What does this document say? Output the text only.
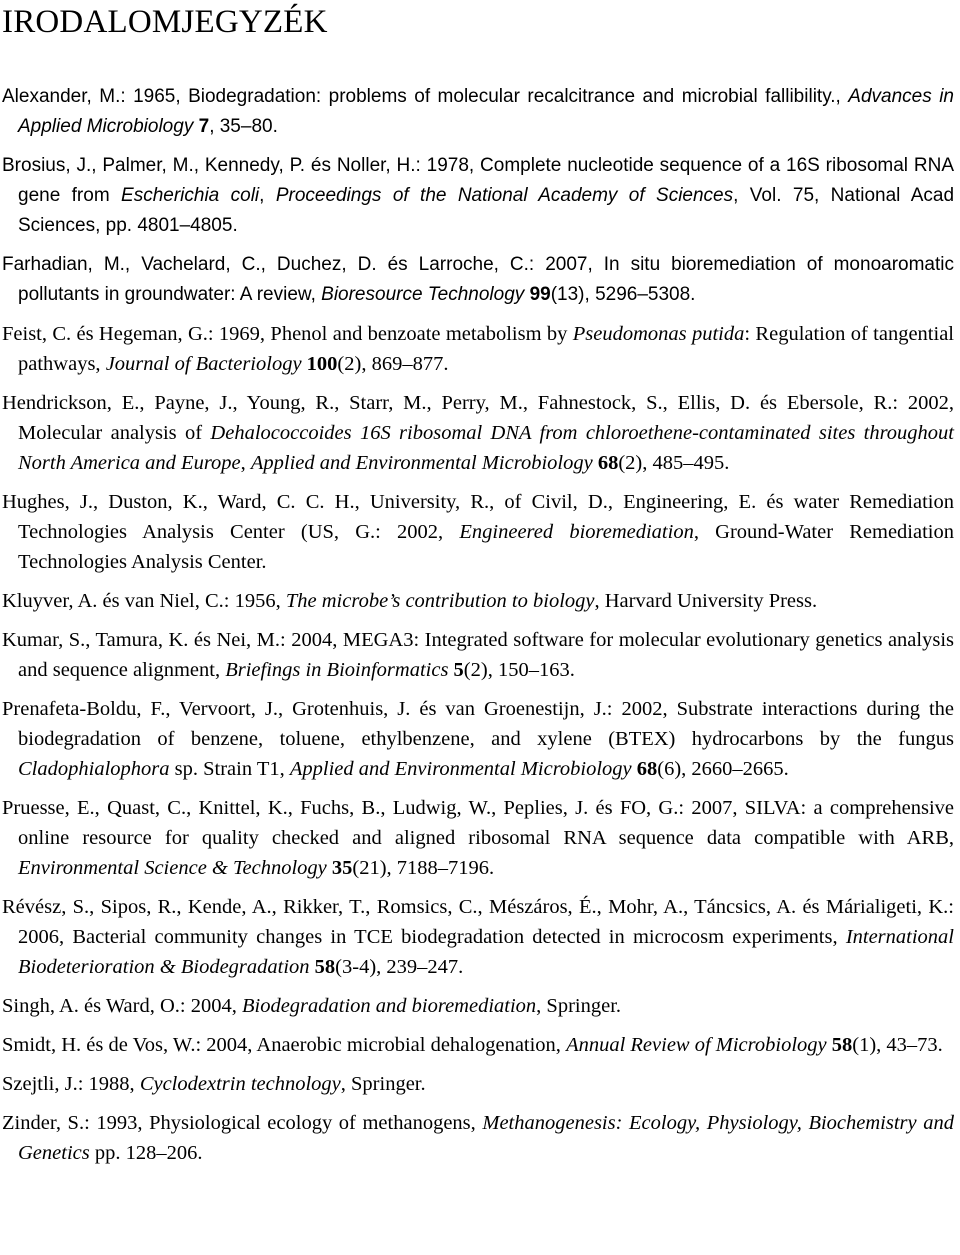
IRODALOMJEGYZÉK

Alexander, M.: 1965, Biodegradation: problems of molecular recalcitrance and microbial fallibility., Advances in Applied Microbiology 7, 35–80.

Brosius, J., Palmer, M., Kennedy, P. és Noller, H.: 1978, Complete nucleotide sequence of a 16S ribosomal RNA gene from Escherichia coli, Proceedings of the National Academy of Sciences, Vol. 75, National Acad Sciences, pp. 4801–4805.

Farhadian, M., Vachelard, C., Duchez, D. és Larroche, C.: 2007, In situ bioremediation of monoaromatic pollutants in groundwater: A review, Bioresource Technology 99(13), 5296–5308.

Feist, C. és Hegeman, G.: 1969, Phenol and benzoate metabolism by Pseudomonas putida: Regulation of tangential pathways, Journal of Bacteriology 100(2), 869–877.

Hendrickson, E., Payne, J., Young, R., Starr, M., Perry, M., Fahnestock, S., Ellis, D. és Ebersole, R.: 2002, Molecular analysis of Dehalococcoides 16S ribosomal DNA from chloroethene-contaminated sites throughout North America and Europe, Applied and Environmental Microbiology 68(2), 485–495.

Hughes, J., Duston, K., Ward, C. C. H., University, R., of Civil, D., Engineering, E. és water Remediation Technologies Analysis Center (US, G.: 2002, Engineered bioremediation, Ground-Water Remediation Technologies Analysis Center.

Kluyver, A. és van Niel, C.: 1956, The microbe’s contribution to biology, Harvard University Press.

Kumar, S., Tamura, K. és Nei, M.: 2004, MEGA3: Integrated software for molecular evolutionary genetics analysis and sequence alignment, Briefings in Bioinformatics 5(2), 150–163.

Prenafeta-Boldu, F., Vervoort, J., Grotenhuis, J. és van Groenestijn, J.: 2002, Substrate interactions during the biodegradation of benzene, toluene, ethylbenzene, and xylene (BTEX) hydrocarbons by the fungus Cladophialophora sp. Strain T1, Applied and Environmental Microbiology 68(6), 2660–2665.

Pruesse, E., Quast, C., Knittel, K., Fuchs, B., Ludwig, W., Peplies, J. és FO, G.: 2007, SILVA: a comprehensive online resource for quality checked and aligned ribosomal RNA sequence data compatible with ARB, Environmental Science & Technology 35(21), 7188–7196.

Révész, S., Sipos, R., Kende, A., Rikker, T., Romsics, C., Mészáros, É., Mohr, A., Táncsics, A. és Márialigeti, K.: 2006, Bacterial community changes in TCE biodegradation detected in microcosm experiments, International Biodeterioration & Biodegradation 58(3-4), 239–247.

Singh, A. és Ward, O.: 2004, Biodegradation and bioremediation, Springer.

Smidt, H. és de Vos, W.: 2004, Anaerobic microbial dehalogenation, Annual Review of Microbiology 58(1), 43–73.

Szejtli, J.: 1988, Cyclodextrin technology, Springer.

Zinder, S.: 1993, Physiological ecology of methanogens, Methanogenesis: Ecology, Physiology, Biochemistry and Genetics pp. 128–206.
